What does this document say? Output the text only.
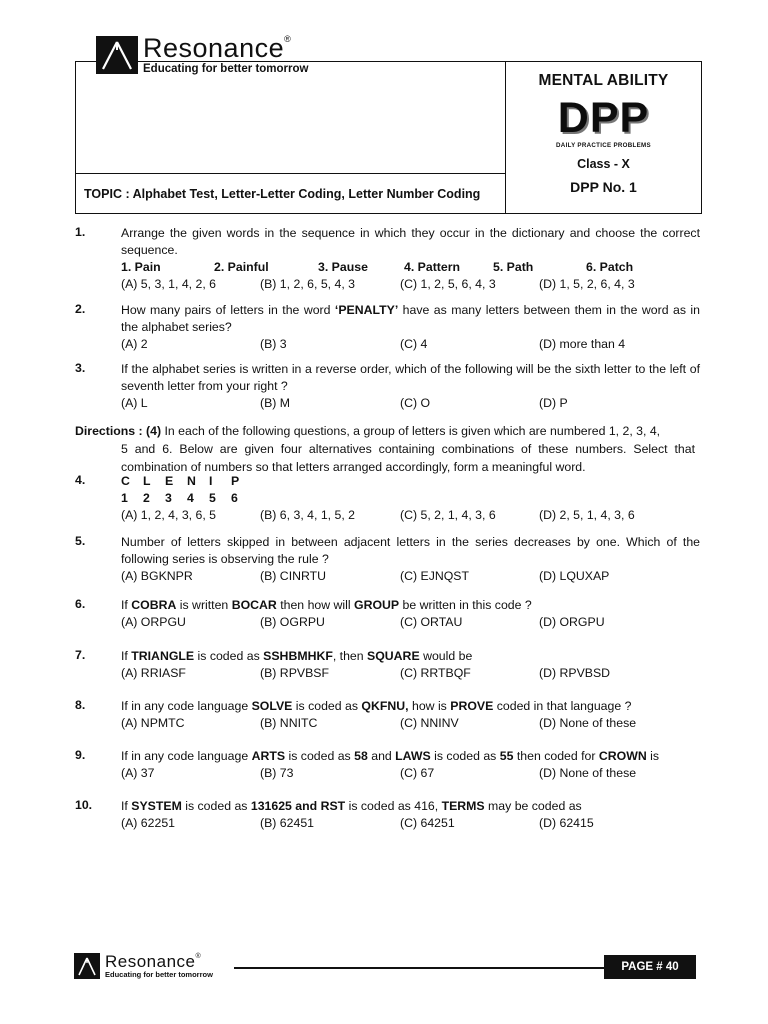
TOPIC : Alphabet Test, Letter-Letter Coding, Letter Number Coding
MENTAL ABILITY
DPP
DAILY PRACTICE PROBLEMS
Class - X
DPP No. 1
Resonance®
Educating for better tomorrow
1.	Arrange the given words in the sequence in which they occur in the dictionary and choose the correct sequence.
1. Pain	2. Painful	3. Pause	4. Pattern	5. Path	6. Patch
(A) 5, 3, 1, 4, 2, 6	(B) 1, 2, 6, 5, 4, 3	(C) 1, 2, 5, 6, 4, 3	(D) 1, 5, 2, 6, 4, 3
2.	How many pairs of letters in the word ‘PENALTY’ have as many letters between them in the word as in the alphabet series?
(A) 2	(B) 3	(C) 4	(D) more than 4
3.	If the alphabet series is written in a reverse order, which of the following will be the sixth letter to the left of seventh letter from your right ?
(A) L	(B) M	(C) O	(D) P
Directions : (4) In each of the following questions, a group of letters is given which are numbered 1, 2, 3, 4,
5 and 6. Below are given four alternatives containing combinations of these numbers. Select that combination of numbers so that letters arranged accordingly, form a meaningful word.
4.	C	L	E	N	I	P
1	2	3	4	5	6
(A) 1, 2, 4, 3, 6, 5	(B) 6, 3, 4, 1, 5, 2	(C) 5, 2, 1, 4, 3, 6	(D) 2, 5, 1, 4, 3, 6
5.	Number of letters skipped in between adjacent letters in the series decreases by one. Which of the following series is observing the rule ?
(A) BGKNPR	(B) CINRTU	(C) EJNQST	(D) LQUXAP
6.	If COBRA is written BOCAR then how will GROUP be written in this code ?
(A) ORPGU	(B) OGRPU	(C) ORTAU	(D) ORGPU
7.	If TRIANGLE is coded as SSHBMHKF, then SQUARE would be
(A) RRIASF	(B) RPVBSF	(C) RRTBQF	(D) RPVBSD
8.	If in any code language SOLVE is coded as QKFNU, how is PROVE coded in that language ?
(A) NPMTC	(B) NNITC	(C) NNINV	(D) None of these
9.	If in any code language ARTS is coded as 58 and LAWS is coded as 55 then coded for CROWN is
(A) 37	(B) 73	(C) 67	(D) None of these
10. If SYSTEM is coded as 131625 and RST is coded as 416, TERMS may be coded as
(A) 62251	(B) 62451	(C) 64251	(D) 62415
Resonance®
Educating for better tomorrow
PAGE # 40
